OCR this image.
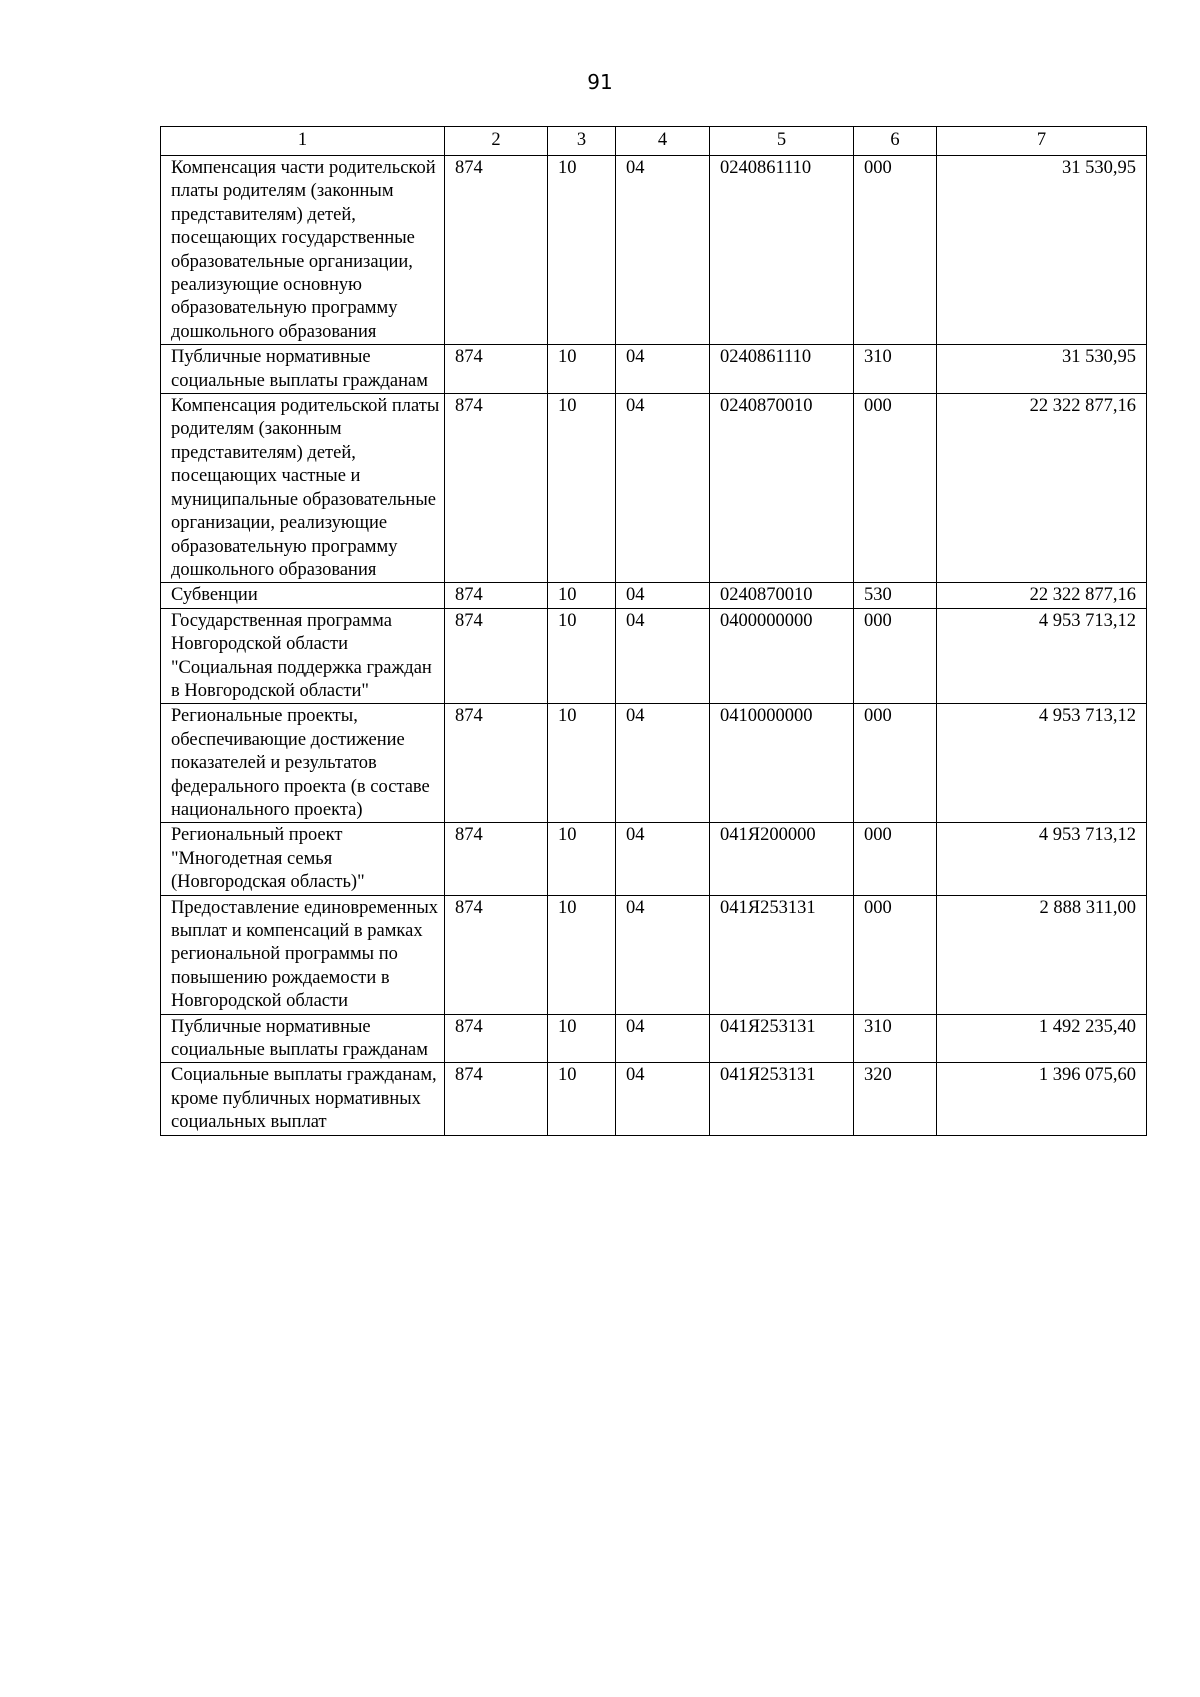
91
1	2	3	4	5	6	7
Компенсация части родительской платы родителям (законным представителям) детей, посещающих государственные образовательные организации, реализующие основную образовательную программу дошкольного образования	874	10	04	0240861110	000	31 530,95
Публичные нормативные социальные выплаты гражданам	874	10	04	0240861110	310	31 530,95
Компенсация родительской платы родителям (законным представителям) детей, посещающих частные и муниципальные образовательные организации, реализующие образовательную программу дошкольного образования	874	10	04	0240870010	000	22 322 877,16
Субвенции	874	10	04	0240870010	530	22 322 877,16
Государственная программа Новгородской области "Социальная поддержка граждан в Новгородской области"	874	10	04	0400000000	000	4 953 713,12
Региональные проекты, обеспечивающие достижение показателей и результатов федерального проекта (в составе национального проекта)	874	10	04	0410000000	000	4 953 713,12
Региональный проект "Многодетная семья (Новгородская область)"	874	10	04	041Я200000	000	4 953 713,12
Предоставление единовременных выплат и компенсаций в рамках региональной программы по повышению рождаемости в Новгородской области	874	10	04	041Я253131	000	2 888 311,00
Публичные нормативные социальные выплаты гражданам	874	10	04	041Я253131	310	1 492 235,40
Социальные выплаты гражданам, кроме публичных нормативных социальных выплат	874	10	04	041Я253131	320	1 396 075,60
